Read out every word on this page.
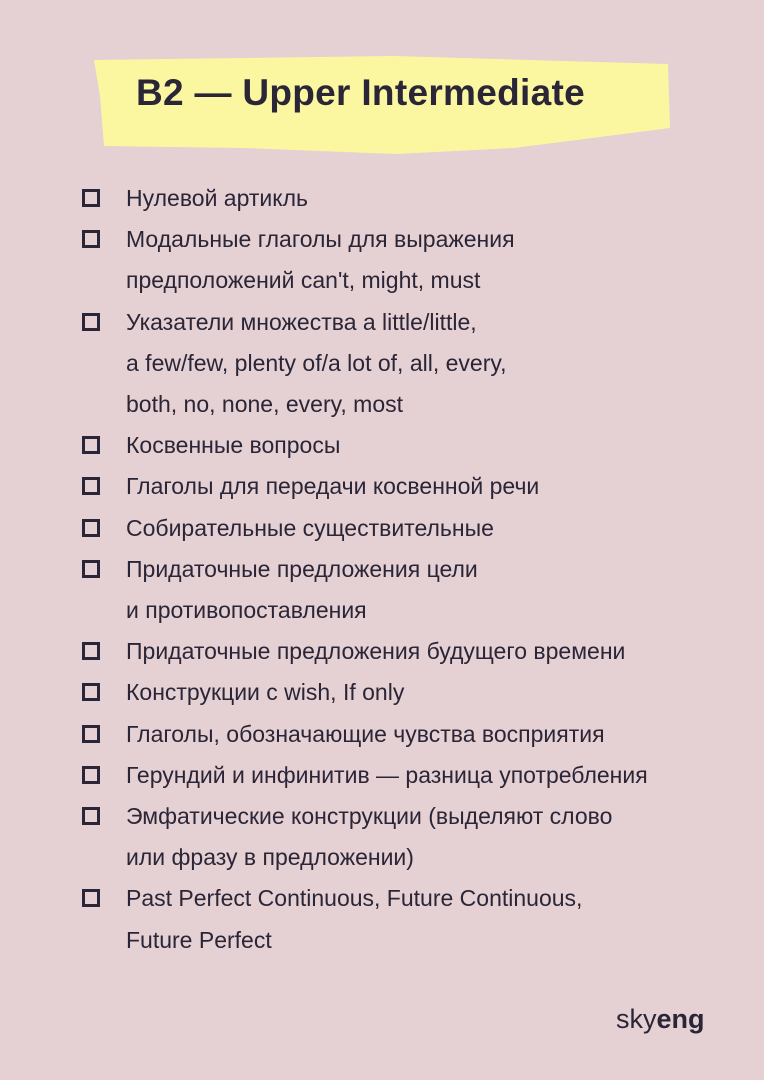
B2 — Upper Intermediate
Нулевой артикль
Модальные глаголы для выражения
предположений can't, might, must
Указатели множества a little/little,
a few/few, plenty of/a lot of, all, every,
both, no, none, every, most
Косвенные вопросы
Глаголы для передачи косвенной речи
Собирательные существительные
Придаточные предложения цели
и противопоставления
Придаточные предложения будущего времени
Конструкции с wish, If only
Глаголы, обозначающие чувства восприятия
Герундий и инфинитив — разница употребления
Эмфатические конструкции (выделяют слово
или фразу в предложении)
Past Perfect Continuous, Future Continuous,
Future Perfect
skyeng
